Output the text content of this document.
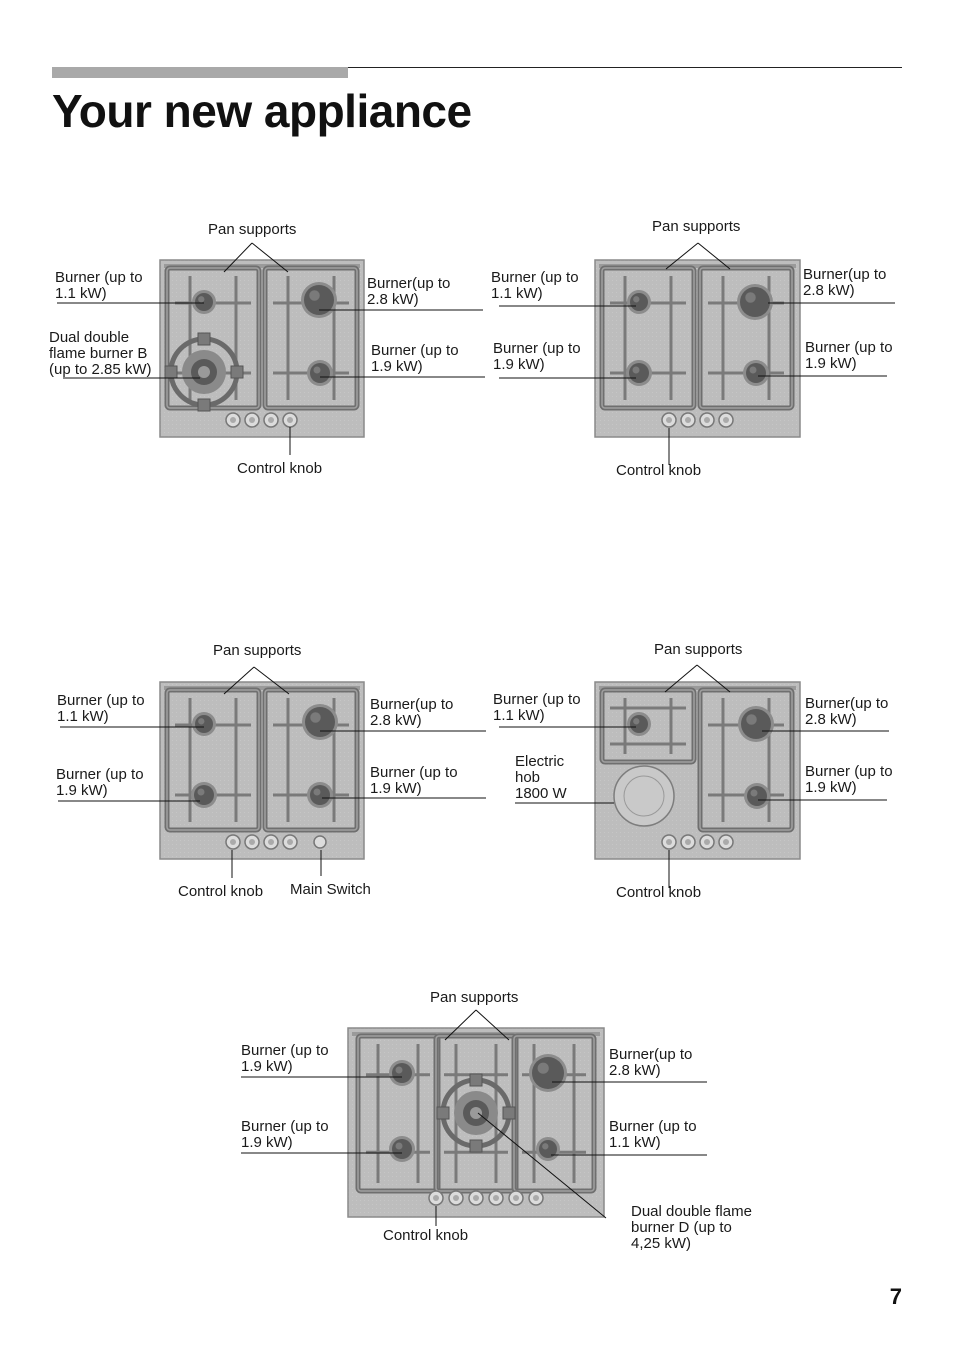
Your new appliance
Pan supports
Burner (up to
1.1 kW)
Burner(up to
2.8 kW)
Dual double
flame burner B
(up to 2.85 kW)
Burner (up to
1.9 kW)
Control knob
Pan supports
Burner (up to
1.1 kW)
Burner(up to
2.8 kW)
Burner (up to
1.9 kW)
Burner (up to
1.9 kW)
Control knob
Pan supports
Burner (up to
1.1 kW)
Burner(up to
2.8 kW)
Burner (up to
1.9 kW)
Burner (up to
1.9 kW)
Control knob Main Switch
Pan supports
Burner (up to
1.1 kW)
Burner(up to
2.8 kW)
Electric
hob
1800 W
Burner (up to
1.9 kW)
Control knob
Pan supports
Burner (up to
1.9 kW)
Burner(up to
2.8 kW)
Burner (up to
1.9 kW)
Burner (up to
1.1 kW)
Control knob
Dual double flame
burner D (up to
4,25 kW)
7
